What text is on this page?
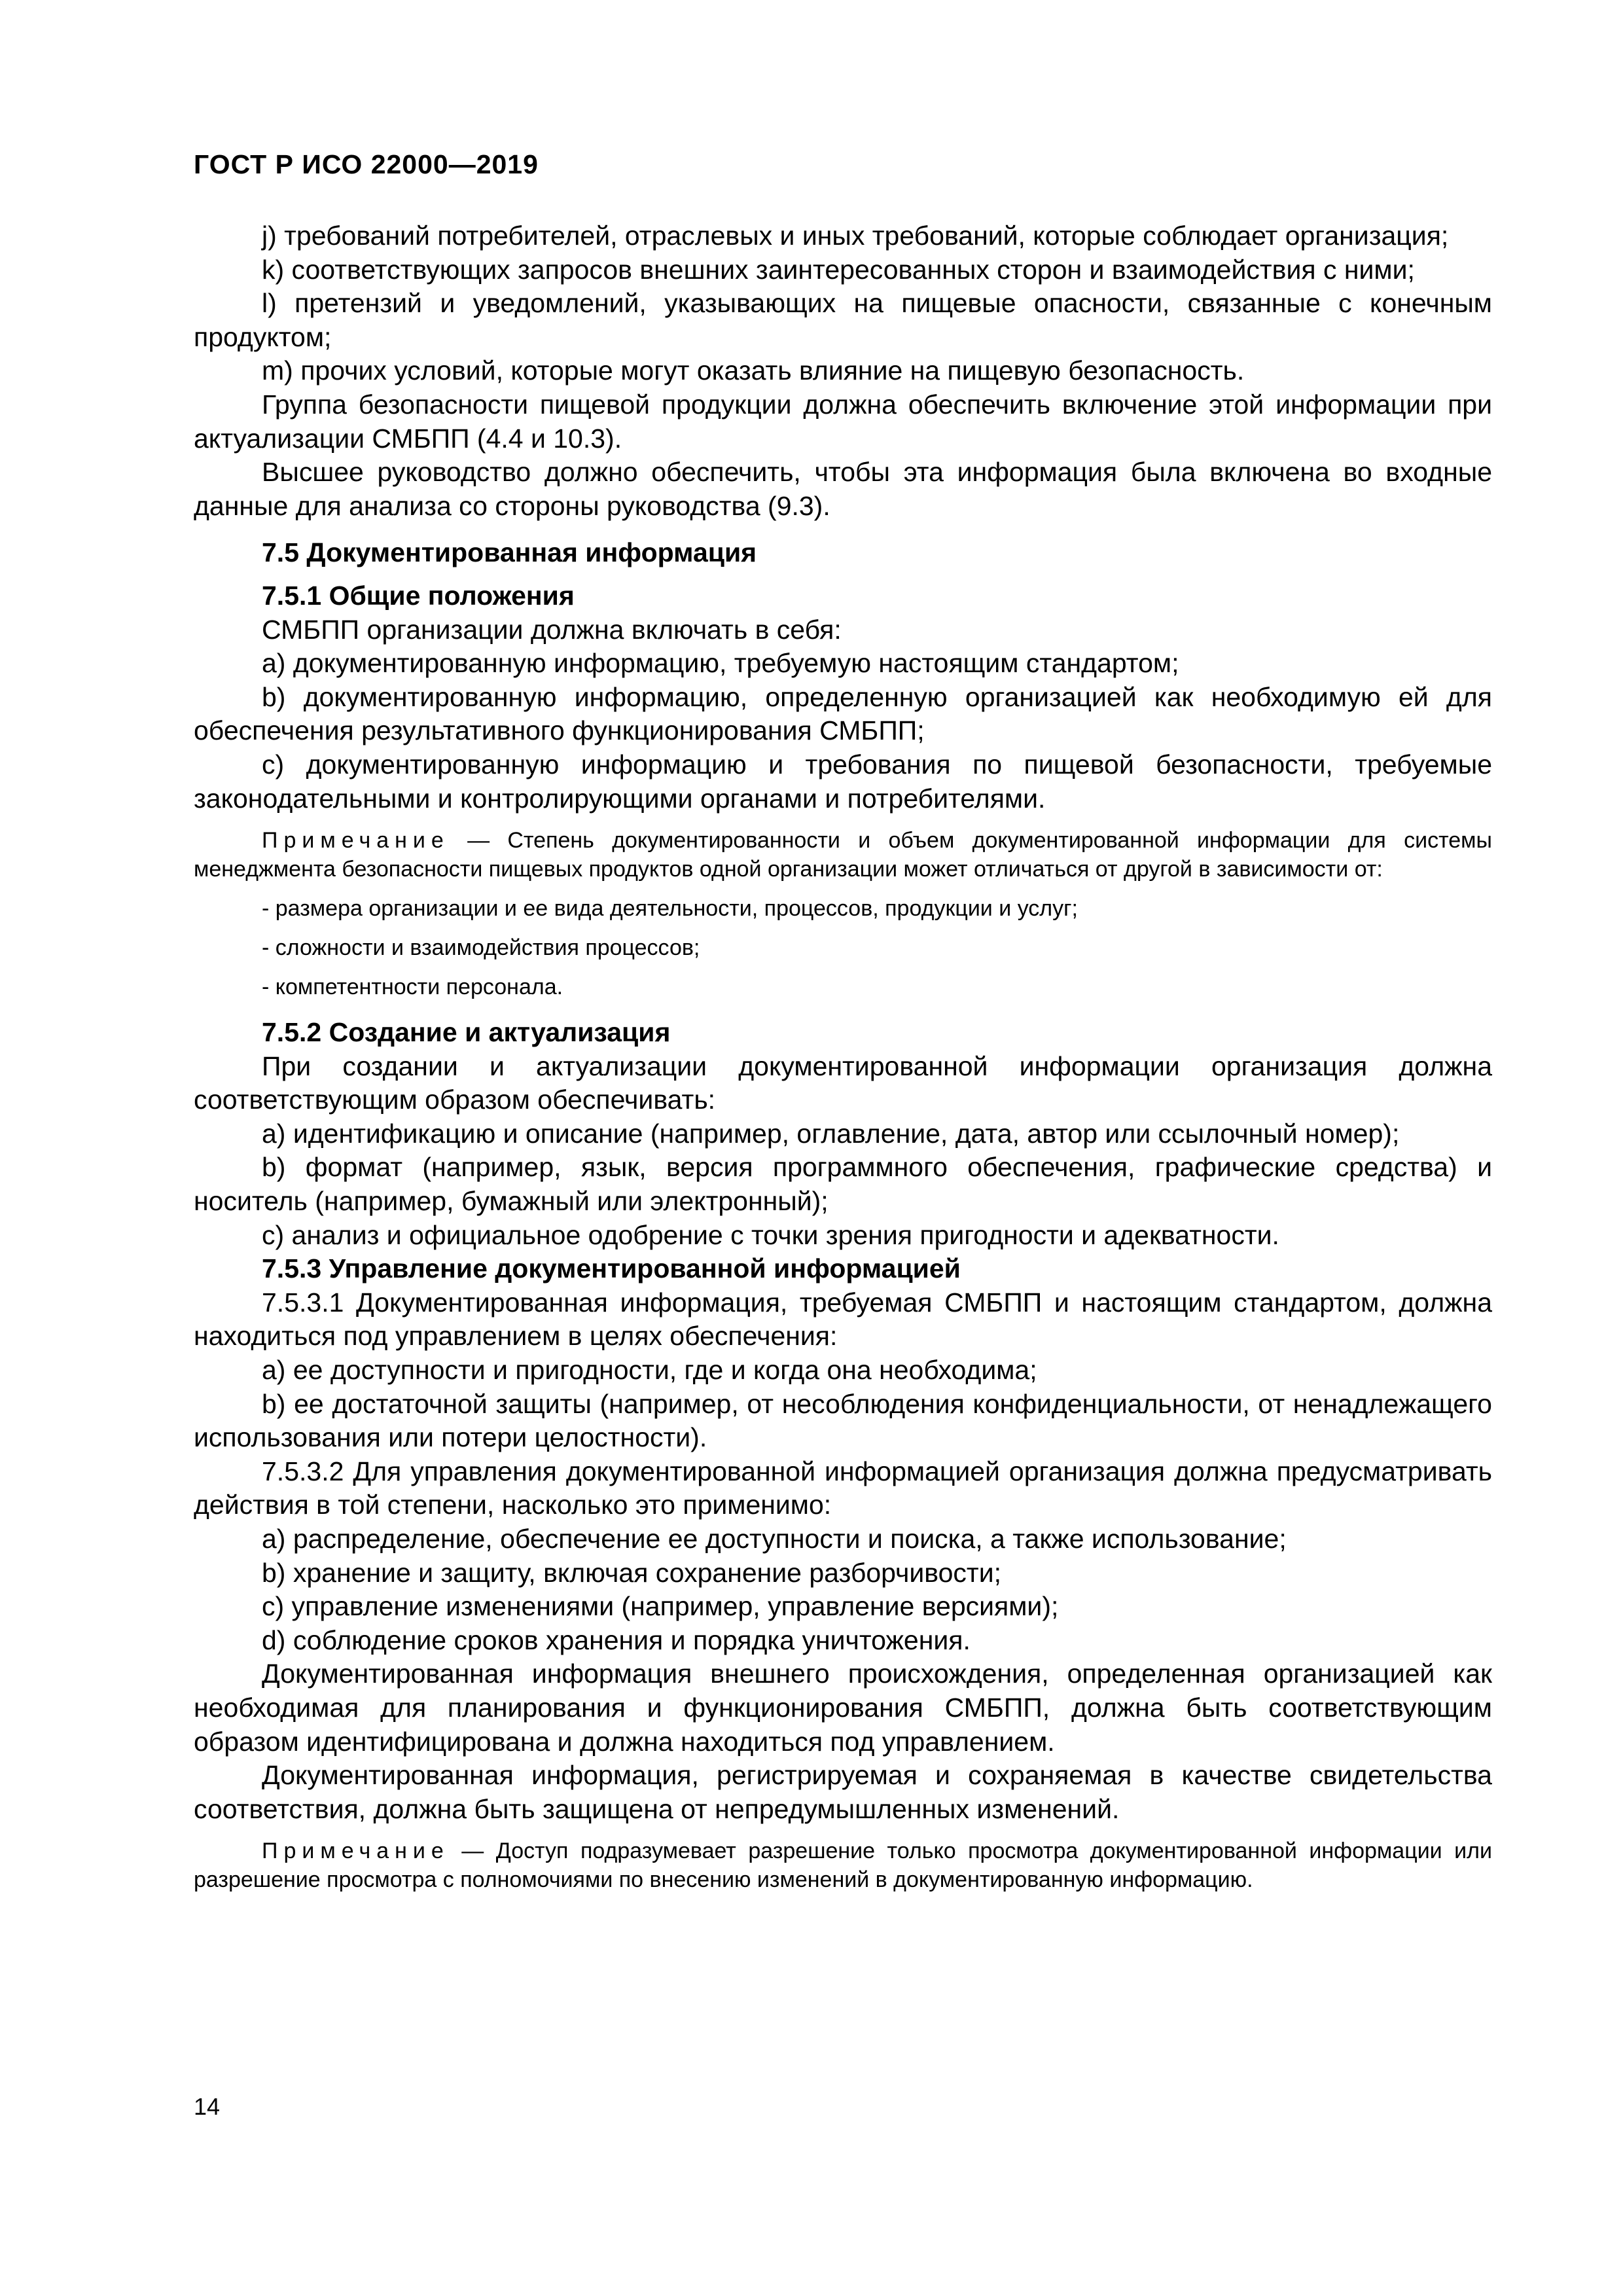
ГОСТ Р ИСО 22000—2019

j) требований потребителей, отраслевых и иных требований, которые соблюдает организация;

k) соответствующих запросов внешних заинтересованных сторон и взаимодействия с ними;

l) претензий и уведомлений, указывающих на пищевые опасности, связанные с конечным продуктом;

m) прочих условий, которые могут оказать влияние на пищевую безопасность.

Группа безопасности пищевой продукции должна обеспечить включение этой информации при актуализации СМБПП (4.4 и 10.3).

Высшее руководство должно обеспечить, чтобы эта информация была включена во входные данные для анализа со стороны руководства (9.3).

7.5 Документированная информация
7.5.1 Общие положения

СМБПП организации должна включать в себя:

a) документированную информацию, требуемую настоящим стандартом;

b) документированную информацию, определенную организацией как необходимую ей для обеспечения результативного функционирования СМБПП;

c) документированную информацию и требования по пищевой безопасности, требуемые законодательными и контролирующими органами и потребителями.

Примечание — Степень документированности и объем документированной информации для системы менеджмента безопасности пищевых продуктов одной организации может отличаться от другой в зависимости от:
- размера организации и ее вида деятельности, процессов, продукции и услуг;
- сложности и взаимодействия процессов;
- компетентности персонала.
7.5.2 Создание и актуализация

При создании и актуализации документированной информации организация должна соответствующим образом обеспечивать:

a) идентификацию и описание (например, оглавление, дата, автор или ссылочный номер);

b) формат (например, язык, версия программного обеспечения, графические средства) и носитель (например, бумажный или электронный);

c) анализ и официальное одобрение с точки зрения пригодности и адекватности.

7.5.3 Управление документированной информацией

7.5.3.1 Документированная информация, требуемая СМБПП и настоящим стандартом, должна находиться под управлением в целях обеспечения:

a) ее доступности и пригодности, где и когда она необходима;

b) ее достаточной защиты (например, от несоблюдения конфиденциальности, от ненадлежащего использования или потери целостности).

7.5.3.2 Для управления документированной информацией организация должна предусматривать действия в той степени, насколько это применимо:

a) распределение, обеспечение ее доступности и поиска, а также использование;

b) хранение и защиту, включая сохранение разборчивости;

c) управление изменениями (например, управление версиями);

d) соблюдение сроков хранения и порядка уничтожения.

Документированная информация внешнего происхождения, определенная организацией как необходимая для планирования и функционирования СМБПП, должна быть соответствующим образом идентифицирована и должна находиться под управлением.

Документированная информация, регистрируемая и сохраняемая в качестве свидетельства соответствия, должна быть защищена от непредумышленных изменений.

Примечание — Доступ подразумевает разрешение только просмотра документированной информации или разрешение просмотра с полномочиями по внесению изменений в документированную информацию.
14
